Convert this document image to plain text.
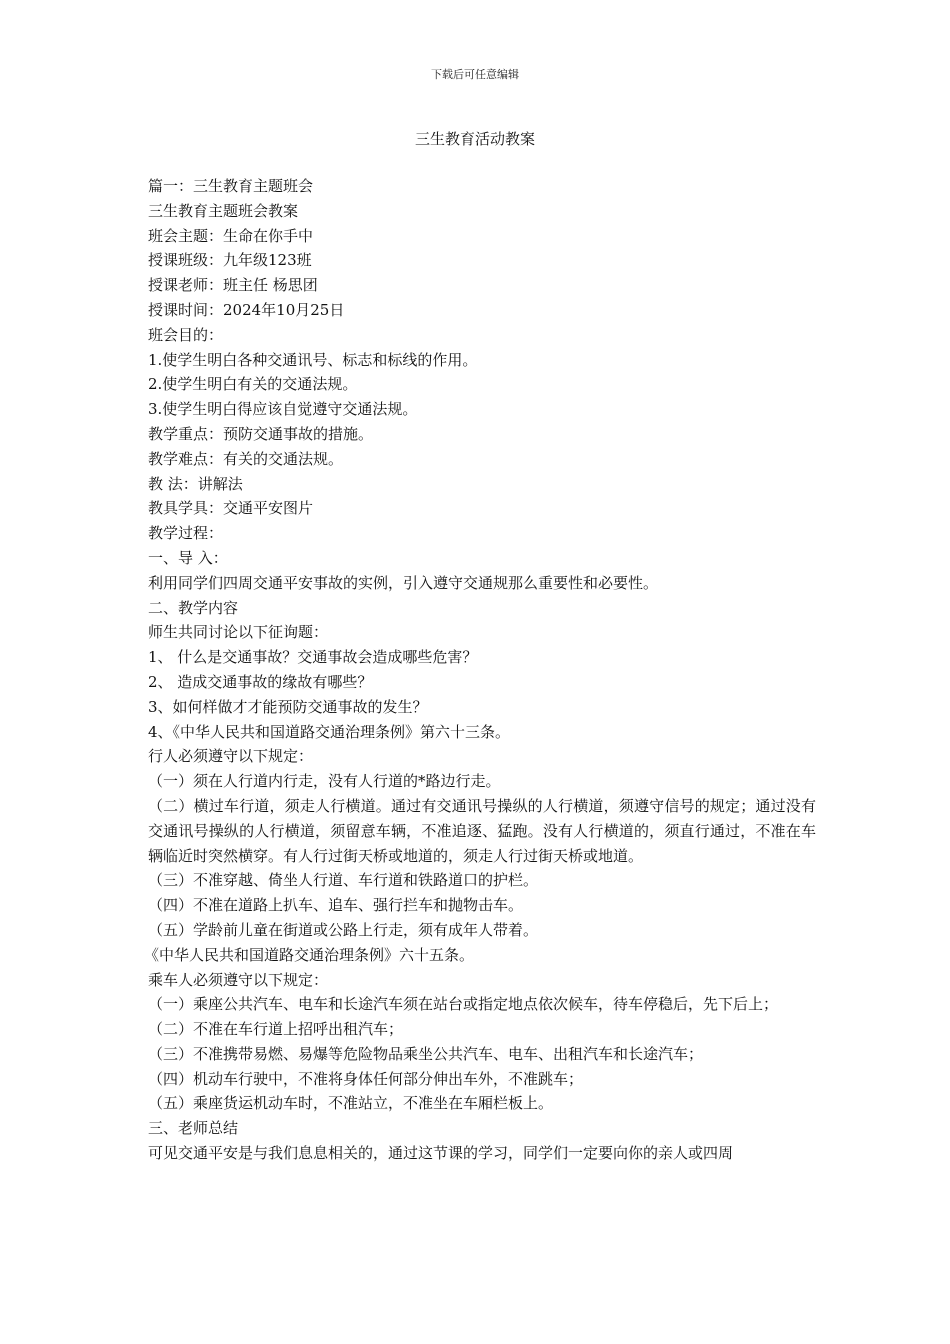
下载后可任意编辑
三生教育活动教案
篇一：三生教育主题班会
三生教育主题班会教案
班会主题：生命在你手中
授课班级：九年级123班
授课老师：班主任 杨思团
授课时间：2024年10月25日
班会目的：
1.使学生明白各种交通讯号、标志和标线的作用。
2.使学生明白有关的交通法规。
3.使学生明白得应该自觉遵守交通法规。
教学重点：预防交通事故的措施。
教学难点：有关的交通法规。
教 法：讲解法
教具学具：交通平安图片
教学过程：
一、导 入：
利用同学们四周交通平安事故的实例，引入遵守交通规那么重要性和必要性。
二、教学内容
师生共同讨论以下征询题：
1、 什么是交通事故？交通事故会造成哪些危害？
2、 造成交通事故的缘故有哪些？
3、如何样做才才能预防交通事故的发生？
4、《中华人民共和国道路交通治理条例》第六十三条。
行人必须遵守以下规定：
（一）须在人行道内行走，没有人行道的*路边行走。
（二）横过车行道，须走人行横道。通过有交通讯号操纵的人行横道，须遵守信号的规定；通过没有交通讯号操纵的人行横道，须留意车辆，不准追逐、猛跑。没有人行横道的，须直行通过，不准在车辆临近时突然横穿。有人行过街天桥或地道的，须走人行过街天桥或地道。
（三）不准穿越、倚坐人行道、车行道和铁路道口的护栏。
（四）不准在道路上扒车、追车、强行拦车和抛物击车。
（五）学龄前儿童在街道或公路上行走，须有成年人带着。
《中华人民共和国道路交通治理条例》六十五条。
乘车人必须遵守以下规定：
（一）乘座公共汽车、电车和长途汽车须在站台或指定地点依次候车，待车停稳后，先下后上；
（二）不准在车行道上招呼出租汽车；
（三）不准携带易燃、易爆等危险物品乘坐公共汽车、电车、出租汽车和长途汽车；
（四）机动车行驶中，不准将身体任何部分伸出车外，不准跳车；
（五）乘座货运机动车时，不准站立，不准坐在车厢栏板上。
三、老师总结
可见交通平安是与我们息息相关的，通过这节课的学习，同学们一定要向你的亲人或四周
